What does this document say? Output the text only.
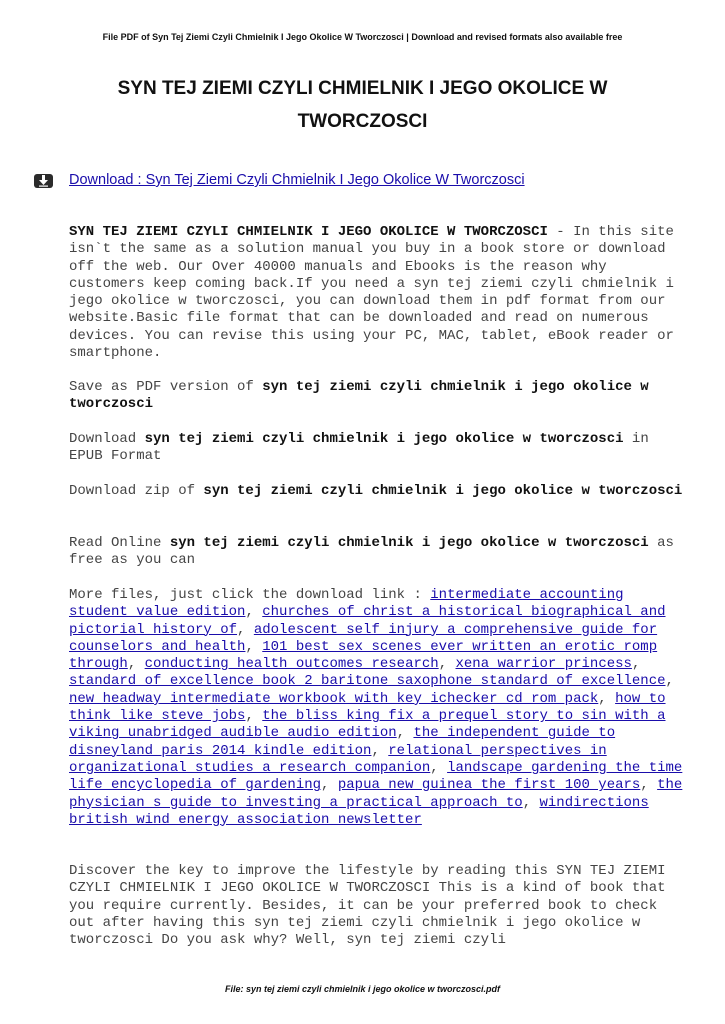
File PDF of Syn Tej Ziemi Czyli Chmielnik I Jego Okolice W Tworczosci | Download and revised formats also available free
SYN TEJ ZIEMI CZYLI CHMIELNIK I JEGO OKOLICE W TWORCZOSCI
Download : Syn Tej Ziemi Czyli Chmielnik I Jego Okolice W Tworczosci
SYN TEJ ZIEMI CZYLI CHMIELNIK I JEGO OKOLICE W TWORCZOSCI - In this site isn`t the same as a solution manual you buy in a book store or download off the web. Our Over 40000 manuals and Ebooks is the reason why customers keep coming back.If you need a syn tej ziemi czyli chmielnik i jego okolice w tworczosci, you can download them in pdf format from our website.Basic file format that can be downloaded and read on numerous devices. You can revise this using your PC, MAC, tablet, eBook reader or smartphone.
Save as PDF version of syn tej ziemi czyli chmielnik i jego okolice w tworczosci
Download syn tej ziemi czyli chmielnik i jego okolice w tworczosci in EPUB Format
Download zip of syn tej ziemi czyli chmielnik i jego okolice w tworczosci
Read Online syn tej ziemi czyli chmielnik i jego okolice w tworczosci as free as you can
More files, just click the download link : intermediate accounting student value edition, churches of christ a historical biographical and pictorial history of, adolescent self injury a comprehensive guide for counselors and health, 101 best sex scenes ever written an erotic romp through, conducting health outcomes research, xena warrior princess, standard of excellence book 2 baritone saxophone standard of excellence, new headway intermediate workbook with key ichecker cd rom pack, how to think like steve jobs, the bliss king fix a prequel story to sin with a viking unabridged audible audio edition, the independent guide to disneyland paris 2014 kindle edition, relational perspectives in organizational studies a research companion, landscape gardening the time life encyclopedia of gardening, papua new guinea the first 100 years, the physician s guide to investing a practical approach to, windirections british wind energy association newsletter
Discover the key to improve the lifestyle by reading this SYN TEJ ZIEMI CZYLI CHMIELNIK I JEGO OKOLICE W TWORCZOSCI This is a kind of book that you require currently. Besides, it can be your preferred book to check out after having this syn tej ziemi czyli chmielnik i jego okolice w tworczosci Do you ask why? Well, syn tej ziemi czyli
File: syn tej ziemi czyli chmielnik i jego okolice w tworczosci.pdf
